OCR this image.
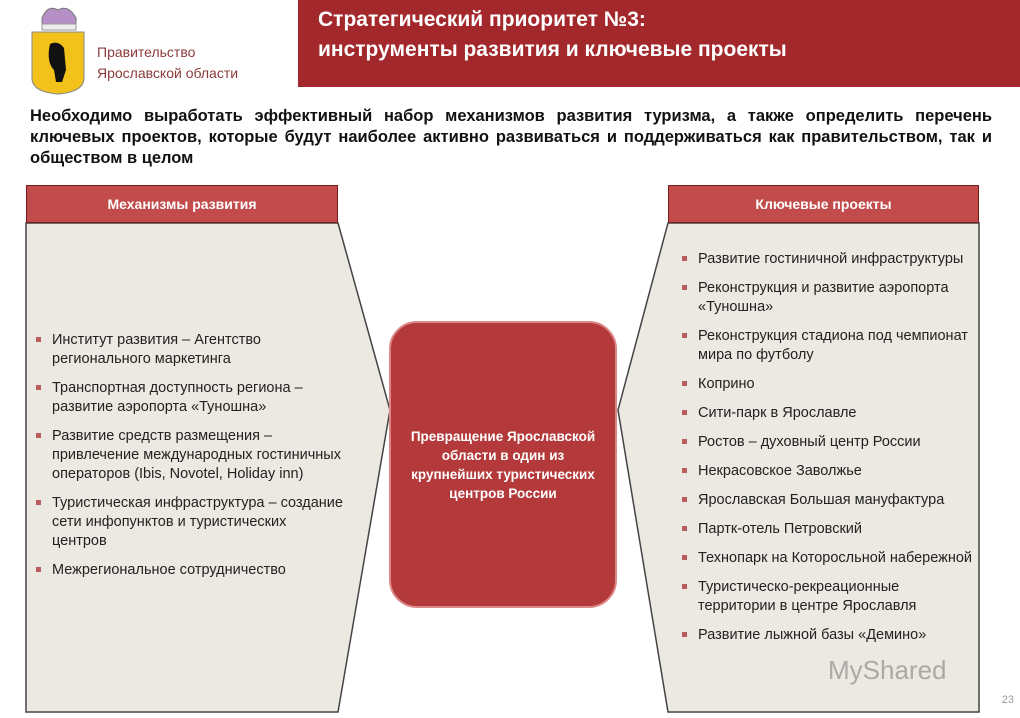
Стратегический приоритет №3:
инструменты развития и ключевые проекты
Правительство
Ярославской области
Необходимо выработать эффективный набор механизмов развития туризма, а также определить перечень ключевых проектов, которые будут наиболее активно развиваться и поддерживаться как правительством, так и обществом в целом
Механизмы развития	Ключевые проекты
Институт развития – Агентство регионального маркетинга
Транспортная доступность региона – развитие аэропорта «Туношна»
Развитие средств размещения – привлечение международных гостиничных операторов (Ibis, Novotel, Holiday inn)
Туристическая инфраструктура – создание сети инфопунктов и туристических центров
Межрегиональное сотрудничество
Превращение Ярославской области в один из крупнейших туристических центров России
Развитие гостиничной инфраструктуры
Реконструкция и развитие аэропорта «Туношна»
Реконструкция стадиона под чемпионат мира по футболу
Коприно
Сити-парк в Ярославле
Ростов – духовный центр России
Некрасовское Заволжье
Ярославская Большая мануфактура
Партк-отель Петровский
Технопарк на Которосльной набережной
Туристическо-рекреационные территории в центре Ярославля
Развитие лыжной базы «Демино»
MyShared
23
